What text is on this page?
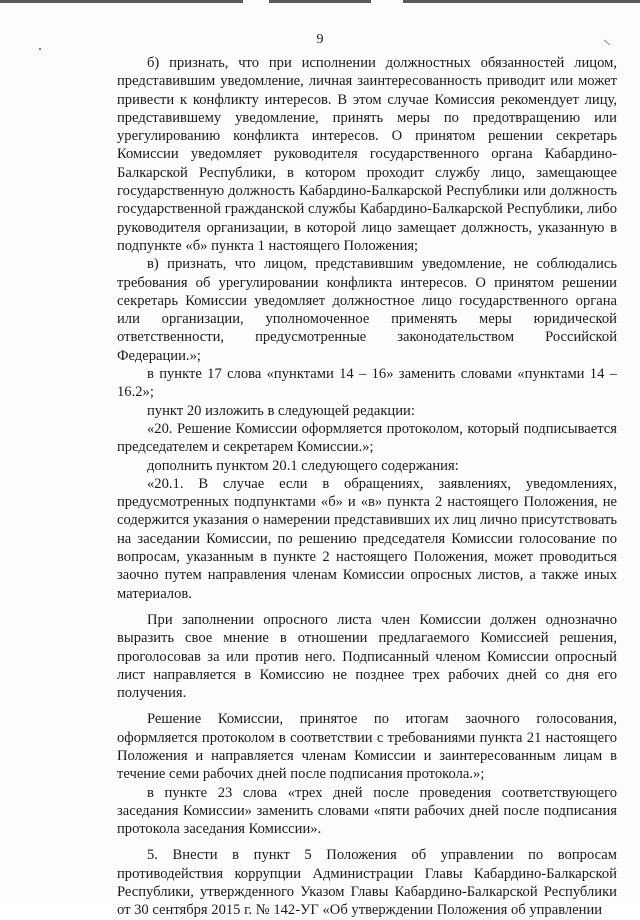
9

б) признать, что при исполнении должностных обязанностей лицом, представившим уведомление, личная заинтересованность приводит или может привести к конфликту интересов. В этом случае Комиссия рекомендует лицу, представившему уведомление, принять меры по предотвращению или урегулированию конфликта интересов. О принятом решении секретарь Комиссии уведомляет руководителя государственного органа Кабардино-Балкарской Республики, в котором проходит службу лицо, замещающее государственную должность Кабардино-Балкарской Республики или должность государственной гражданской службы Кабардино-Балкарской Республики, либо руководителя организации, в которой лицо замещает должность, указанную в подпункте «б» пункта 1 настоящего Положения;

в) признать, что лицом, представившим уведомление, не соблюдались требования об урегулировании конфликта интересов. О принятом решении секретарь Комиссии уведомляет должностное лицо государственного органа или организации, уполномоченное применять меры юридической ответственности, предусмотренные законодательством Российской Федерации.»;

в пункте 17 слова «пунктами 14 – 16» заменить словами «пунктами 14 – 16.2»;

пункт 20 изложить в следующей редакции:

«20. Решение Комиссии оформляется протоколом, который подписывается председателем и секретарем Комиссии.»;

дополнить пунктом 20.1 следующего содержания:

«20.1. В случае если в обращениях, заявлениях, уведомлениях, предусмотренных подпунктами «б» и «в» пункта 2 настоящего Положения, не содержится указания о намерении представивших их лиц лично присутствовать на заседании Комиссии, по решению председателя Комиссии голосование по вопросам, указанным в пункте 2 настоящего Положения, может проводиться заочно путем направления членам Комиссии опросных листов, а также иных материалов.

При заполнении опросного листа член Комиссии должен однозначно выразить свое мнение в отношении предлагаемого Комиссией решения, проголосовав за или против него. Подписанный членом Комиссии опросный лист направляется в Комиссию не позднее трех рабочих дней со дня его получения.

Решение Комиссии, принятое по итогам заочного голосования, оформляется протоколом в соответствии с требованиями пункта 21 настоящего Положения и направляется членам Комиссии и заинтересованным лицам в течение семи рабочих дней после подписания протокола.»;

в пункте 23 слова «трех дней после проведения соответствующего заседания Комиссии» заменить словами «пяти рабочих дней после подписания протокола заседания Комиссии».

5. Внести в пункт 5 Положения об управлении по вопросам противодействия коррупции Администрации Главы Кабардино-Балкарской Республики, утвержденного Указом Главы Кабардино-Балкарской Республики от 30 сентября 2015 г. № 142-УГ «Об утверждении Положения об управлении
